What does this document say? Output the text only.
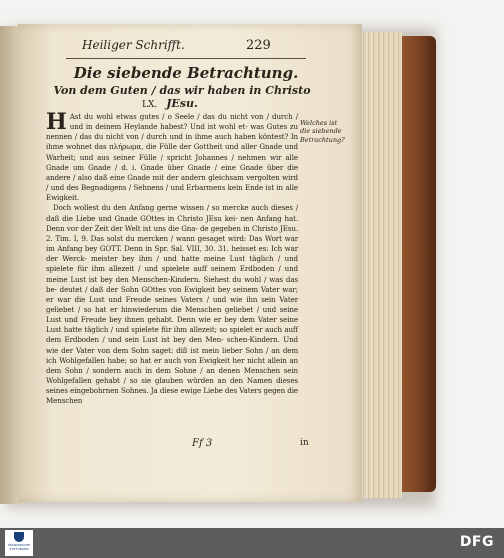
Heiliger Schrifft.	229
Die siebende Betrachtung.
Von dem Guten / das wir haben in Christo JEsu.
LX.

H Ast du wohl etwas gutes / o Seele / das du nicht von / durch / und in deinem Heylande habest? Und ist wohl et- was Gutes zu nennen / das du nicht von / durch und in ihme auch haben köntest? In ihme wohnet das πλήρωμα, die Fülle der Gottheit und aller Gnade und Warheit; und aus seiner Fülle / spricht Johannes / nehmen wir alle Gnade um Gnade / d. i. Gnade über Gnade / eine Gnade über die andere / also daß eine Gnade mit der andern gleichsam vergolten wird / und des Begnadigens / Sehnens / und Erbarmens kein Ende ist in alle Ewigkeit.

 Doch wollest du den Anfang gerne wissen / so mercke auch dieses / daß die Liebe und Gnade GOttes in Christo JEsu kei- nen Anfang hat. Denn vor der Zeit der Welt ist uns die Gna- de gegeben in Christo JEsu. 2. Tim. I, 9. Das solst du mercken / wann gesaget wird: Das Wort war im Anfang bey GOTT. Denn in Spr. Sal. VIII, 30. 31. heisset es: Ich war der Werck- meister bey ihm / und hatte meine Lust täglich / und spielete für ihm allezeit / und spielete auff seinem Erdboden / und meine Lust ist bey den Menschen-Kindern. Siehest du wohl / was das be- deutet / daß der Sohn GOttes von Ewigkeit bey seinem Vater war; er war die Lust und Freude seines Vaters / und wie ihn sein Vater geliebet / so hat er hinwiederum die Menschen geliebet / und seine Lust und Freude bey ihnen gehabt. Denn wie er bey dem Vater seine Lust hatte täglich / und spielete für ihm allezeit; so spielet er auch auff dem Erdboden / und sein Lust ist bey den Men- schen-Kindern. Und wie der Vater von dem Sohn saget: diß ist mein lieber Sohn / an dem ich Wohlgefallen habe; so hat er auch von Ewigkeit her nicht allein an dem Sohn / sondern auch in dem Sohne / an denen Menschen sein Wohlgefallen gehabt / so sie glauben würden an den Namen dieses seines eingebohrnen Sohnes. Ja diese ewige Liebe des Vaters gegen die Menschen

Welches ist die siebende Betrachtung?
Ff 3	in
FRANCKESCHE STIFTUNGEN	DFG
